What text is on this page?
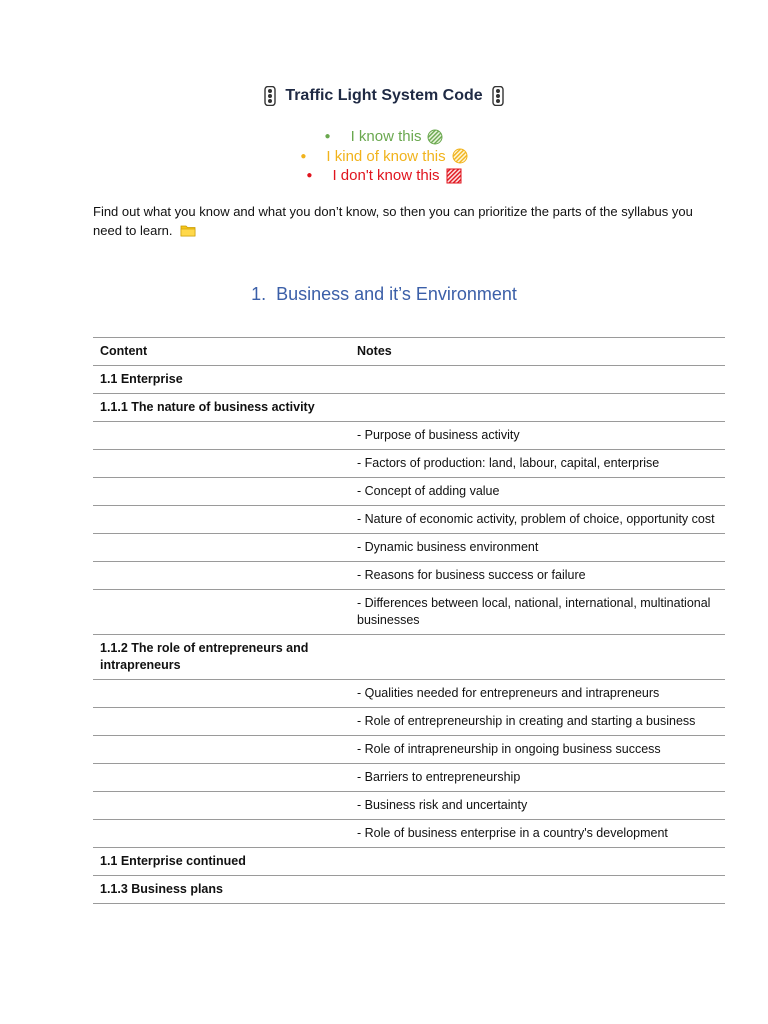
Traffic Light System Code
● I know this
● I kind of know this
● I don't know this
Find out what you know and what you don’t know, so then you can prioritize the parts of the syllabus you need to learn.
1. Business and it’s Environment
Content	Notes
1.1 Enterprise	
1.1.1 The nature of business activity	
	- Purpose of business activity
	- Factors of production: land, labour, capital, enterprise
	- Concept of adding value
	- Nature of economic activity, problem of choice, opportunity cost
	- Dynamic business environment
	- Reasons for business success or failure
	- Differences between local, national, international, multinational businesses
1.1.2 The role of entrepreneurs and intrapreneurs	
	- Qualities needed for entrepreneurs and intrapreneurs
	- Role of entrepreneurship in creating and starting a business
	- Role of intrapreneurship in ongoing business success
	- Barriers to entrepreneurship
	- Business risk and uncertainty
	- Role of business enterprise in a country's development
1.1 Enterprise continued	
1.1.3 Business plans	
